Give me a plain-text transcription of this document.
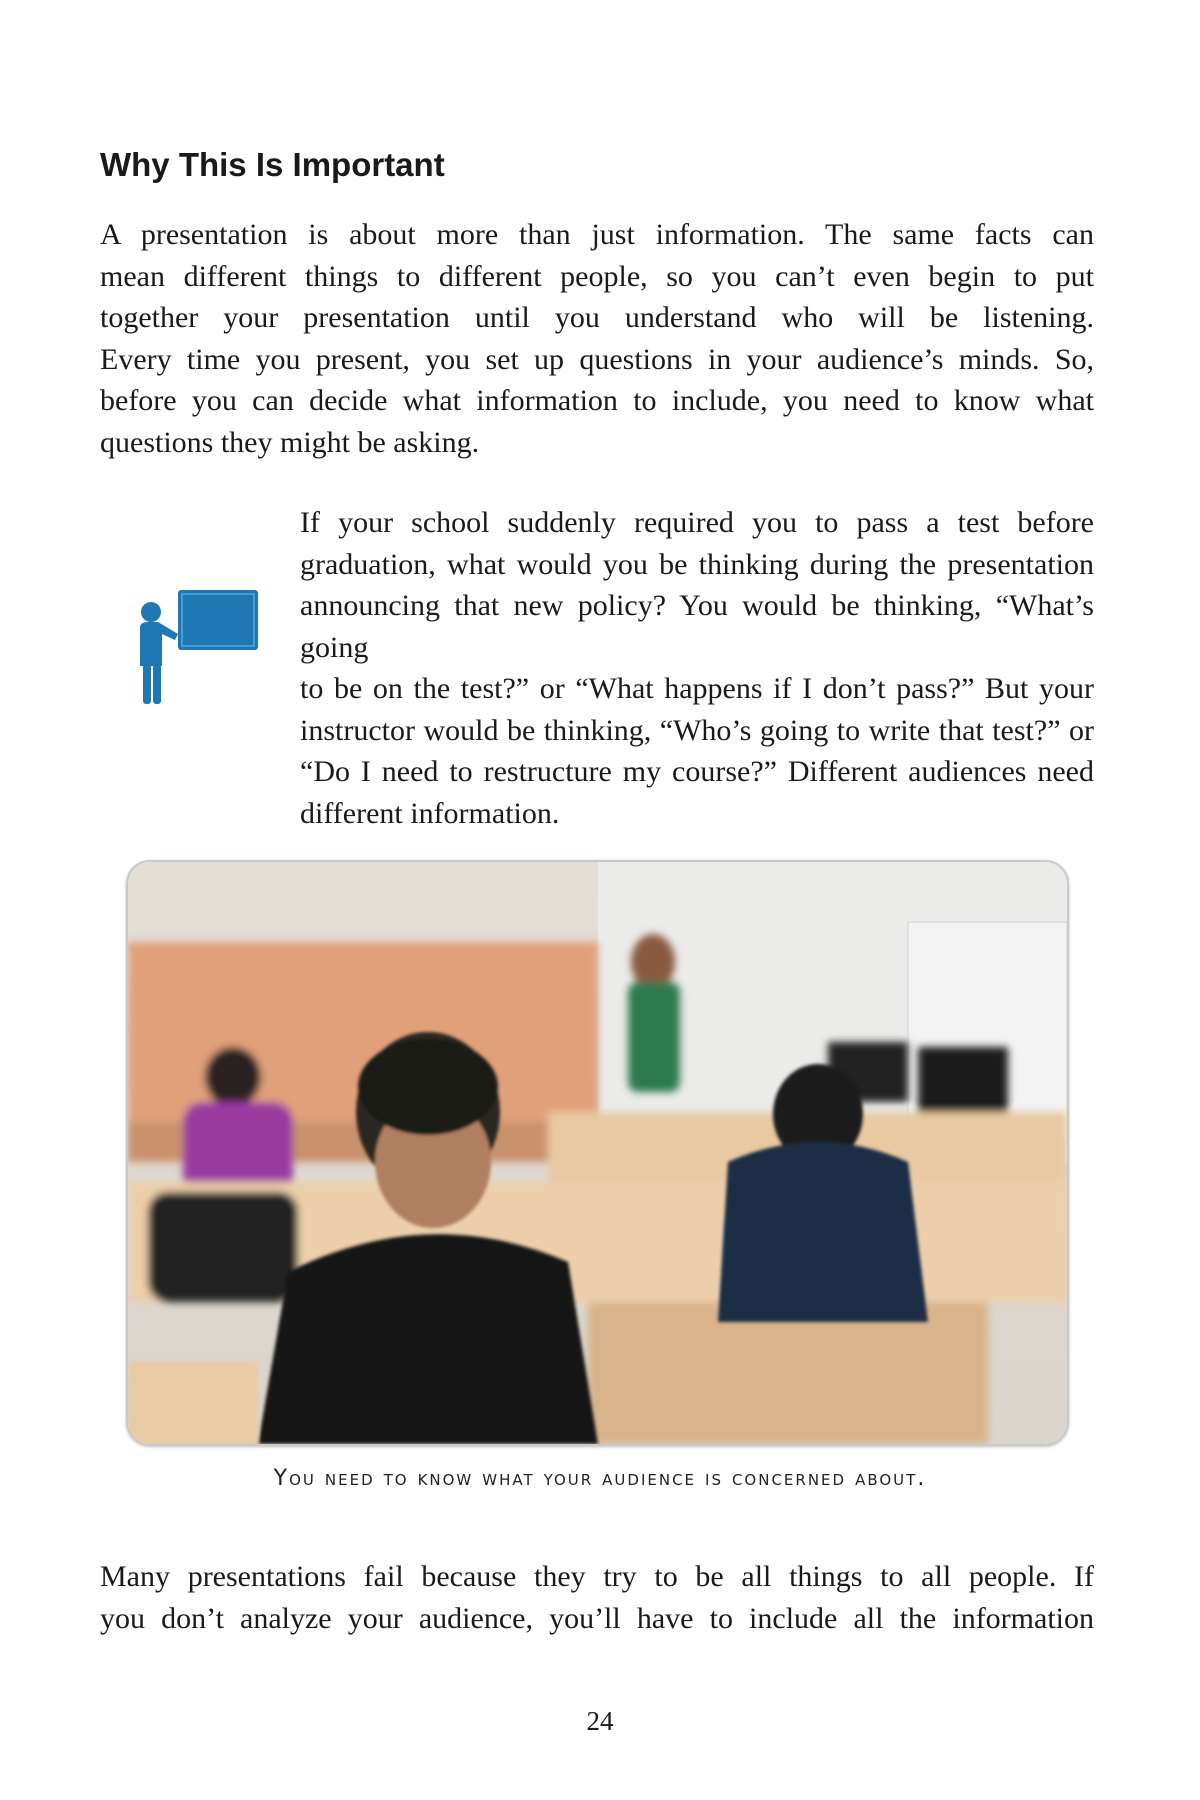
Why This Is Important
A presentation is about more than just information. The same facts can
mean different things to different people, so you can’t even begin to put
together your presentation until you understand who will be listening.
Every time you present, you set up questions in your audience’s minds. So,
before you can decide what information to include, you need to know what
questions they might be asking.
If your school suddenly required you to pass a test before
graduation, what would you be thinking during the presentation
announcing that new policy? You would be thinking, “What’s going
to be on the test?” or “What happens if I don’t pass?” But your
instructor would be thinking, “Who’s going to write that test?” or
“Do I need to restructure my course?” Different audiences need
different information.
You need to know what your audience is concerned about.
Many presentations fail because they try to be all things to all people. If
you don’t analyze your audience, you’ll have to include all the information
24
